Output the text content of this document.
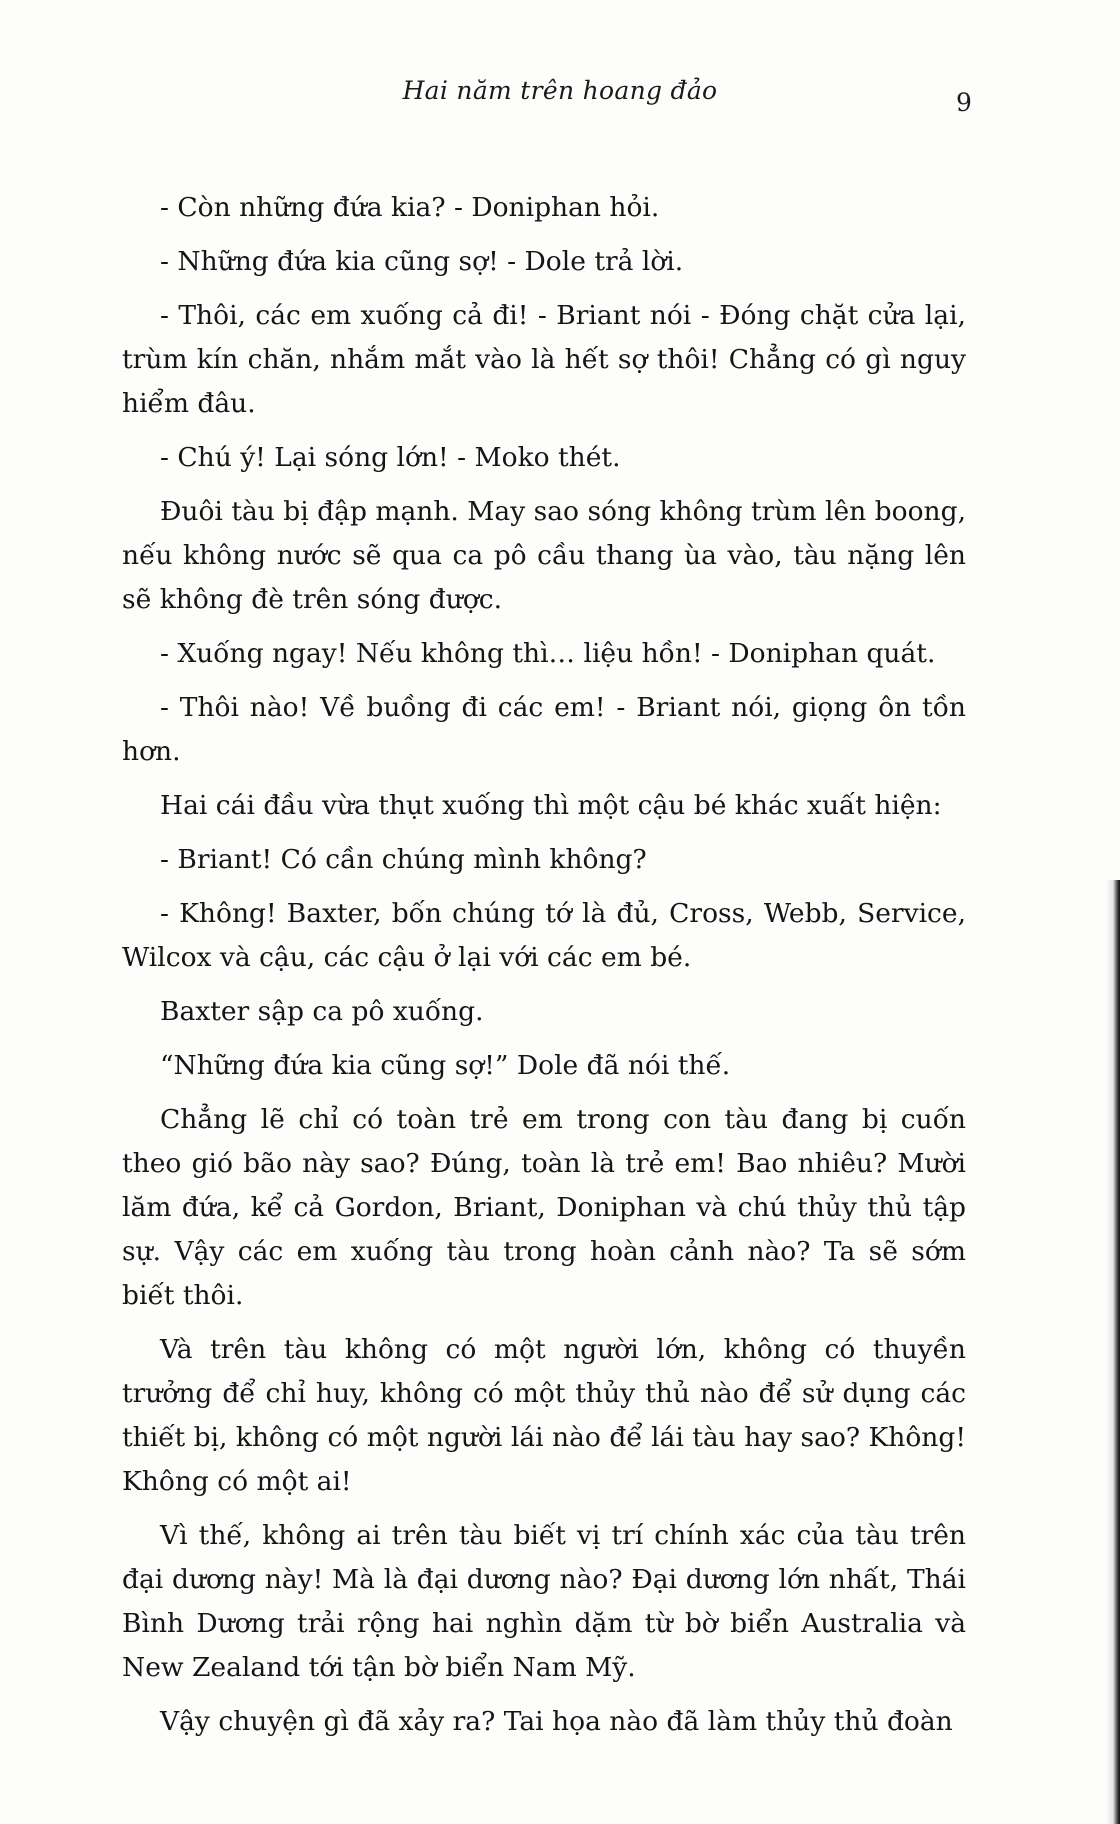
Hai năm trên hoang đảo	9

- Còn những đứa kia? - Doniphan hỏi.

- Những đứa kia cũng sợ! - Dole trả lời.

- Thôi, các em xuống cả đi! - Briant nói - Đóng chặt cửa lại, trùm kín chăn, nhắm mắt vào là hết sợ thôi! Chẳng có gì nguy hiểm đâu.

- Chú ý! Lại sóng lớn! - Moko thét.

Đuôi tàu bị đập mạnh. May sao sóng không trùm lên boong, nếu không nước sẽ qua ca pô cầu thang ùa vào, tàu nặng lên sẽ không đè trên sóng được.

- Xuống ngay! Nếu không thì… liệu hồn! - Doniphan quát.

- Thôi nào! Về buồng đi các em! - Briant nói, giọng ôn tồn hơn.

Hai cái đầu vừa thụt xuống thì một cậu bé khác xuất hiện:

- Briant! Có cần chúng mình không?

- Không! Baxter, bốn chúng tớ là đủ, Cross, Webb, Service, Wilcox và cậu, các cậu ở lại với các em bé.

Baxter sập ca pô xuống.

“Những đứa kia cũng sợ!” Dole đã nói thế.

Chẳng lẽ chỉ có toàn trẻ em trong con tàu đang bị cuốn theo gió bão này sao? Đúng, toàn là trẻ em! Bao nhiêu? Mười lăm đứa, kể cả Gordon, Briant, Doniphan và chú thủy thủ tập sự. Vậy các em xuống tàu trong hoàn cảnh nào? Ta sẽ sớm biết thôi.

Và trên tàu không có một người lớn, không có thuyền trưởng để chỉ huy, không có một thủy thủ nào để sử dụng các thiết bị, không có một người lái nào để lái tàu hay sao? Không! Không có một ai!

Vì thế, không ai trên tàu biết vị trí chính xác của tàu trên đại dương này! Mà là đại dương nào? Đại dương lớn nhất, Thái Bình Dương trải rộng hai nghìn dặm từ bờ biển Australia và New Zealand tới tận bờ biển Nam Mỹ.

Vậy chuyện gì đã xảy ra? Tai họa nào đã làm thủy thủ đoàn
